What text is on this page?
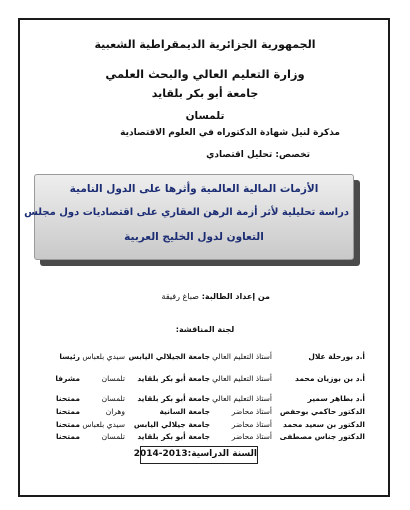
الجمهورية الجزائرية الديمقراطية الشعبية
وزارة التعليم العالي والبحث العلمي
جامعة أبو بكر بلقايد
تلمسان
مذكرة لنيل شهادة الدكتوراه في العلوم الاقتصادية
تخصص: تحليل اقتصادي
الأزمات المالية العالمية وأثرها على الدول النامية
دراسة تحليلية لأثر أزمة الرهن العقاري على اقتصاديات دول مجلس
التعاون لدول الخليج العربية
من إعداد الطالبة: صباغ رفيقة
لجنة المناقشة:
أ.د بورحلة علال
أستاذ التعليم العالي
جامعة الجيلالي اليابس
سيدي بلعباس
رئيسا
أ.د بن بوزيان محمد
أستاذ التعليم العالي
جامعة أبو بكر بلقايد
تلمسان
مشرفا
أ.د بطاهر سمير
أستاذ التعليم العالي
جامعة أبو بكر بلقايد
تلمسان
ممتحنا
الدكتور حاكمي بوحفص
أستاذ محاضر
جامعة السانية
وهران
ممتحنا
الدكتور بن سعيد محمد
أستاذ محاضر
جامعة جيلالي اليابس
سيدي بلعباس
ممتحنا
الدكتور جناس مصطفى
أستاذ محاضر
جامعة أبو بكر بلقايد
تلمسان
ممتحنا
السنة الدراسية:2013-2014
